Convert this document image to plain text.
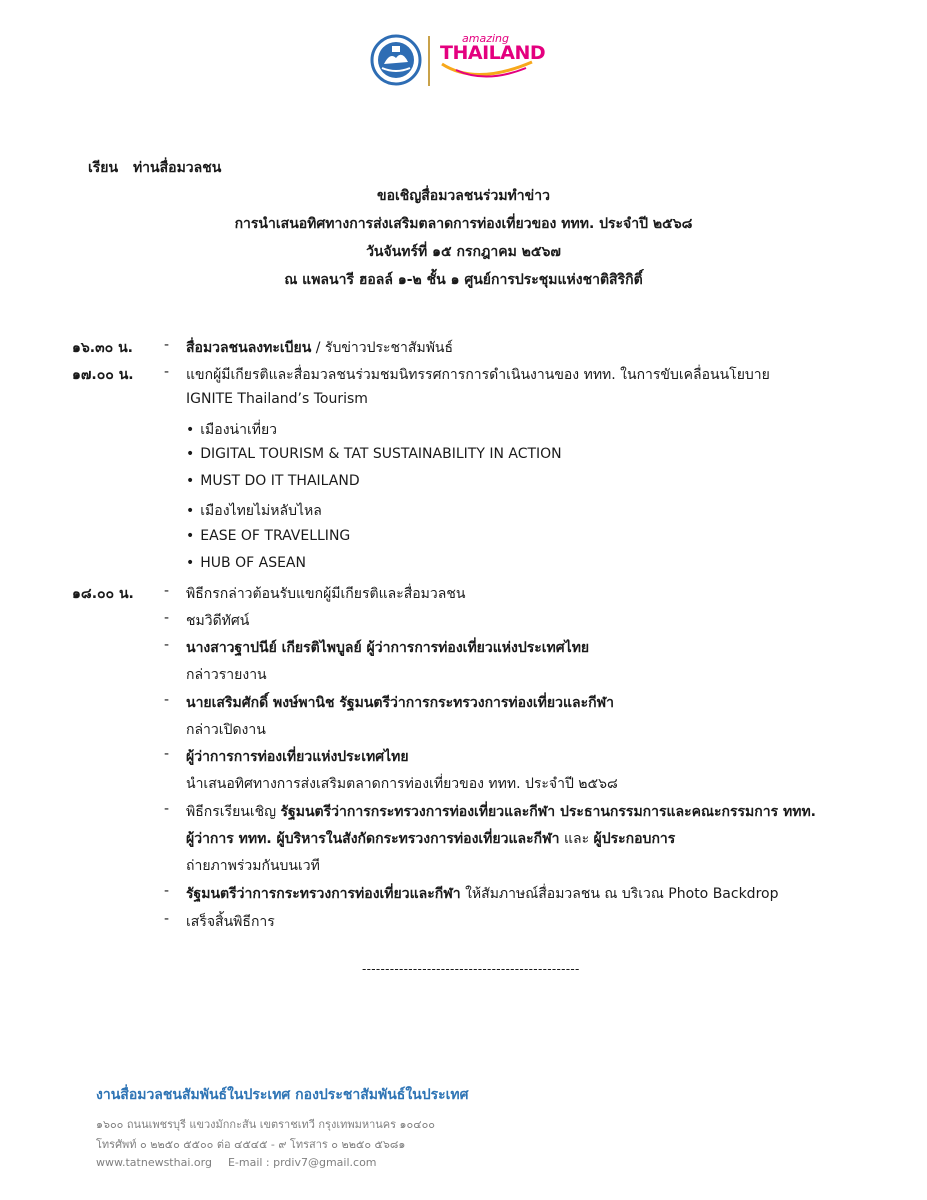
amazing
THAILAND
เรียน ท่านสื่อมวลชน
ขอเชิญสื่อมวลชนร่วมทำข่าว
การนำเสนอทิศทางการส่งเสริมตลาดการท่องเที่ยวของ ททท. ประจำปี ๒๕๖๘
วันจันทร์ที่ ๑๕ กรกฎาคม ๒๕๖๗
ณ แพลนารี ฮอลล์ ๑-๒ ชั้น ๑ ศูนย์การประชุมแห่งชาติสิริกิติ์
๑๖.๓๐ น. - สื่อมวลชนลงทะเบียน / รับข่าวประชาสัมพันธ์
๑๗.๐๐ น. - แขกผู้มีเกียรติและสื่อมวลชนร่วมชมนิทรรศการการดำเนินงานของ ททท. ในการขับเคลื่อนนโยบาย
IGNITE Thailand’s Tourism
• เมืองน่าเที่ยว
• DIGITAL TOURISM & TAT SUSTAINABILITY IN ACTION
• MUST DO IT THAILAND
• เมืองไทยไม่หลับไหล
• EASE OF TRAVELLING
• HUB OF ASEAN
๑๘.๐๐ น. - พิธีกรกล่าวต้อนรับแขกผู้มีเกียรติและสื่อมวลชน
- ชมวิดีทัศน์
- นางสาวฐาปนีย์ เกียรติไพบูลย์ ผู้ว่าการการท่องเที่ยวแห่งประเทศไทย
กล่าวรายงาน
- นายเสริมศักดิ์ พงษ์พานิช รัฐมนตรีว่าการกระทรวงการท่องเที่ยวและกีฬา
กล่าวเปิดงาน
- ผู้ว่าการการท่องเที่ยวแห่งประเทศไทย
นำเสนอทิศทางการส่งเสริมตลาดการท่องเที่ยวของ ททท. ประจำปี ๒๕๖๘
- พิธีกรเรียนเชิญ รัฐมนตรีว่าการกระทรวงการท่องเที่ยวและกีฬา ประธานกรรมการและคณะกรรมการ ททท.
ผู้ว่าการ ททท. ผู้บริหารในสังกัดกระทรวงการท่องเที่ยวและกีฬา และ ผู้ประกอบการ
ถ่ายภาพร่วมกันบนเวที
- รัฐมนตรีว่าการกระทรวงการท่องเที่ยวและกีฬา ให้สัมภาษณ์สื่อมวลชน ณ บริเวณ Photo Backdrop
- เสร็จสิ้นพิธีการ
-----------------------------------------------
งานสื่อมวลชนสัมพันธ์ในประเทศ กองประชาสัมพันธ์ในประเทศ
๑๖๐๐ ถนนเพชรบุรี แขวงมักกะสัน เขตราชเทวี กรุงเทพมหานคร ๑๐๔๐๐
โทรศัพท์ ๐ ๒๒๕๐ ๕๕๐๐ ต่อ ๔๕๔๕ - ๙ โทรสาร ๐ ๒๒๕๐ ๕๖๘๑
www.tatnewsthai.org E-mail : prdiv7@gmail.com
